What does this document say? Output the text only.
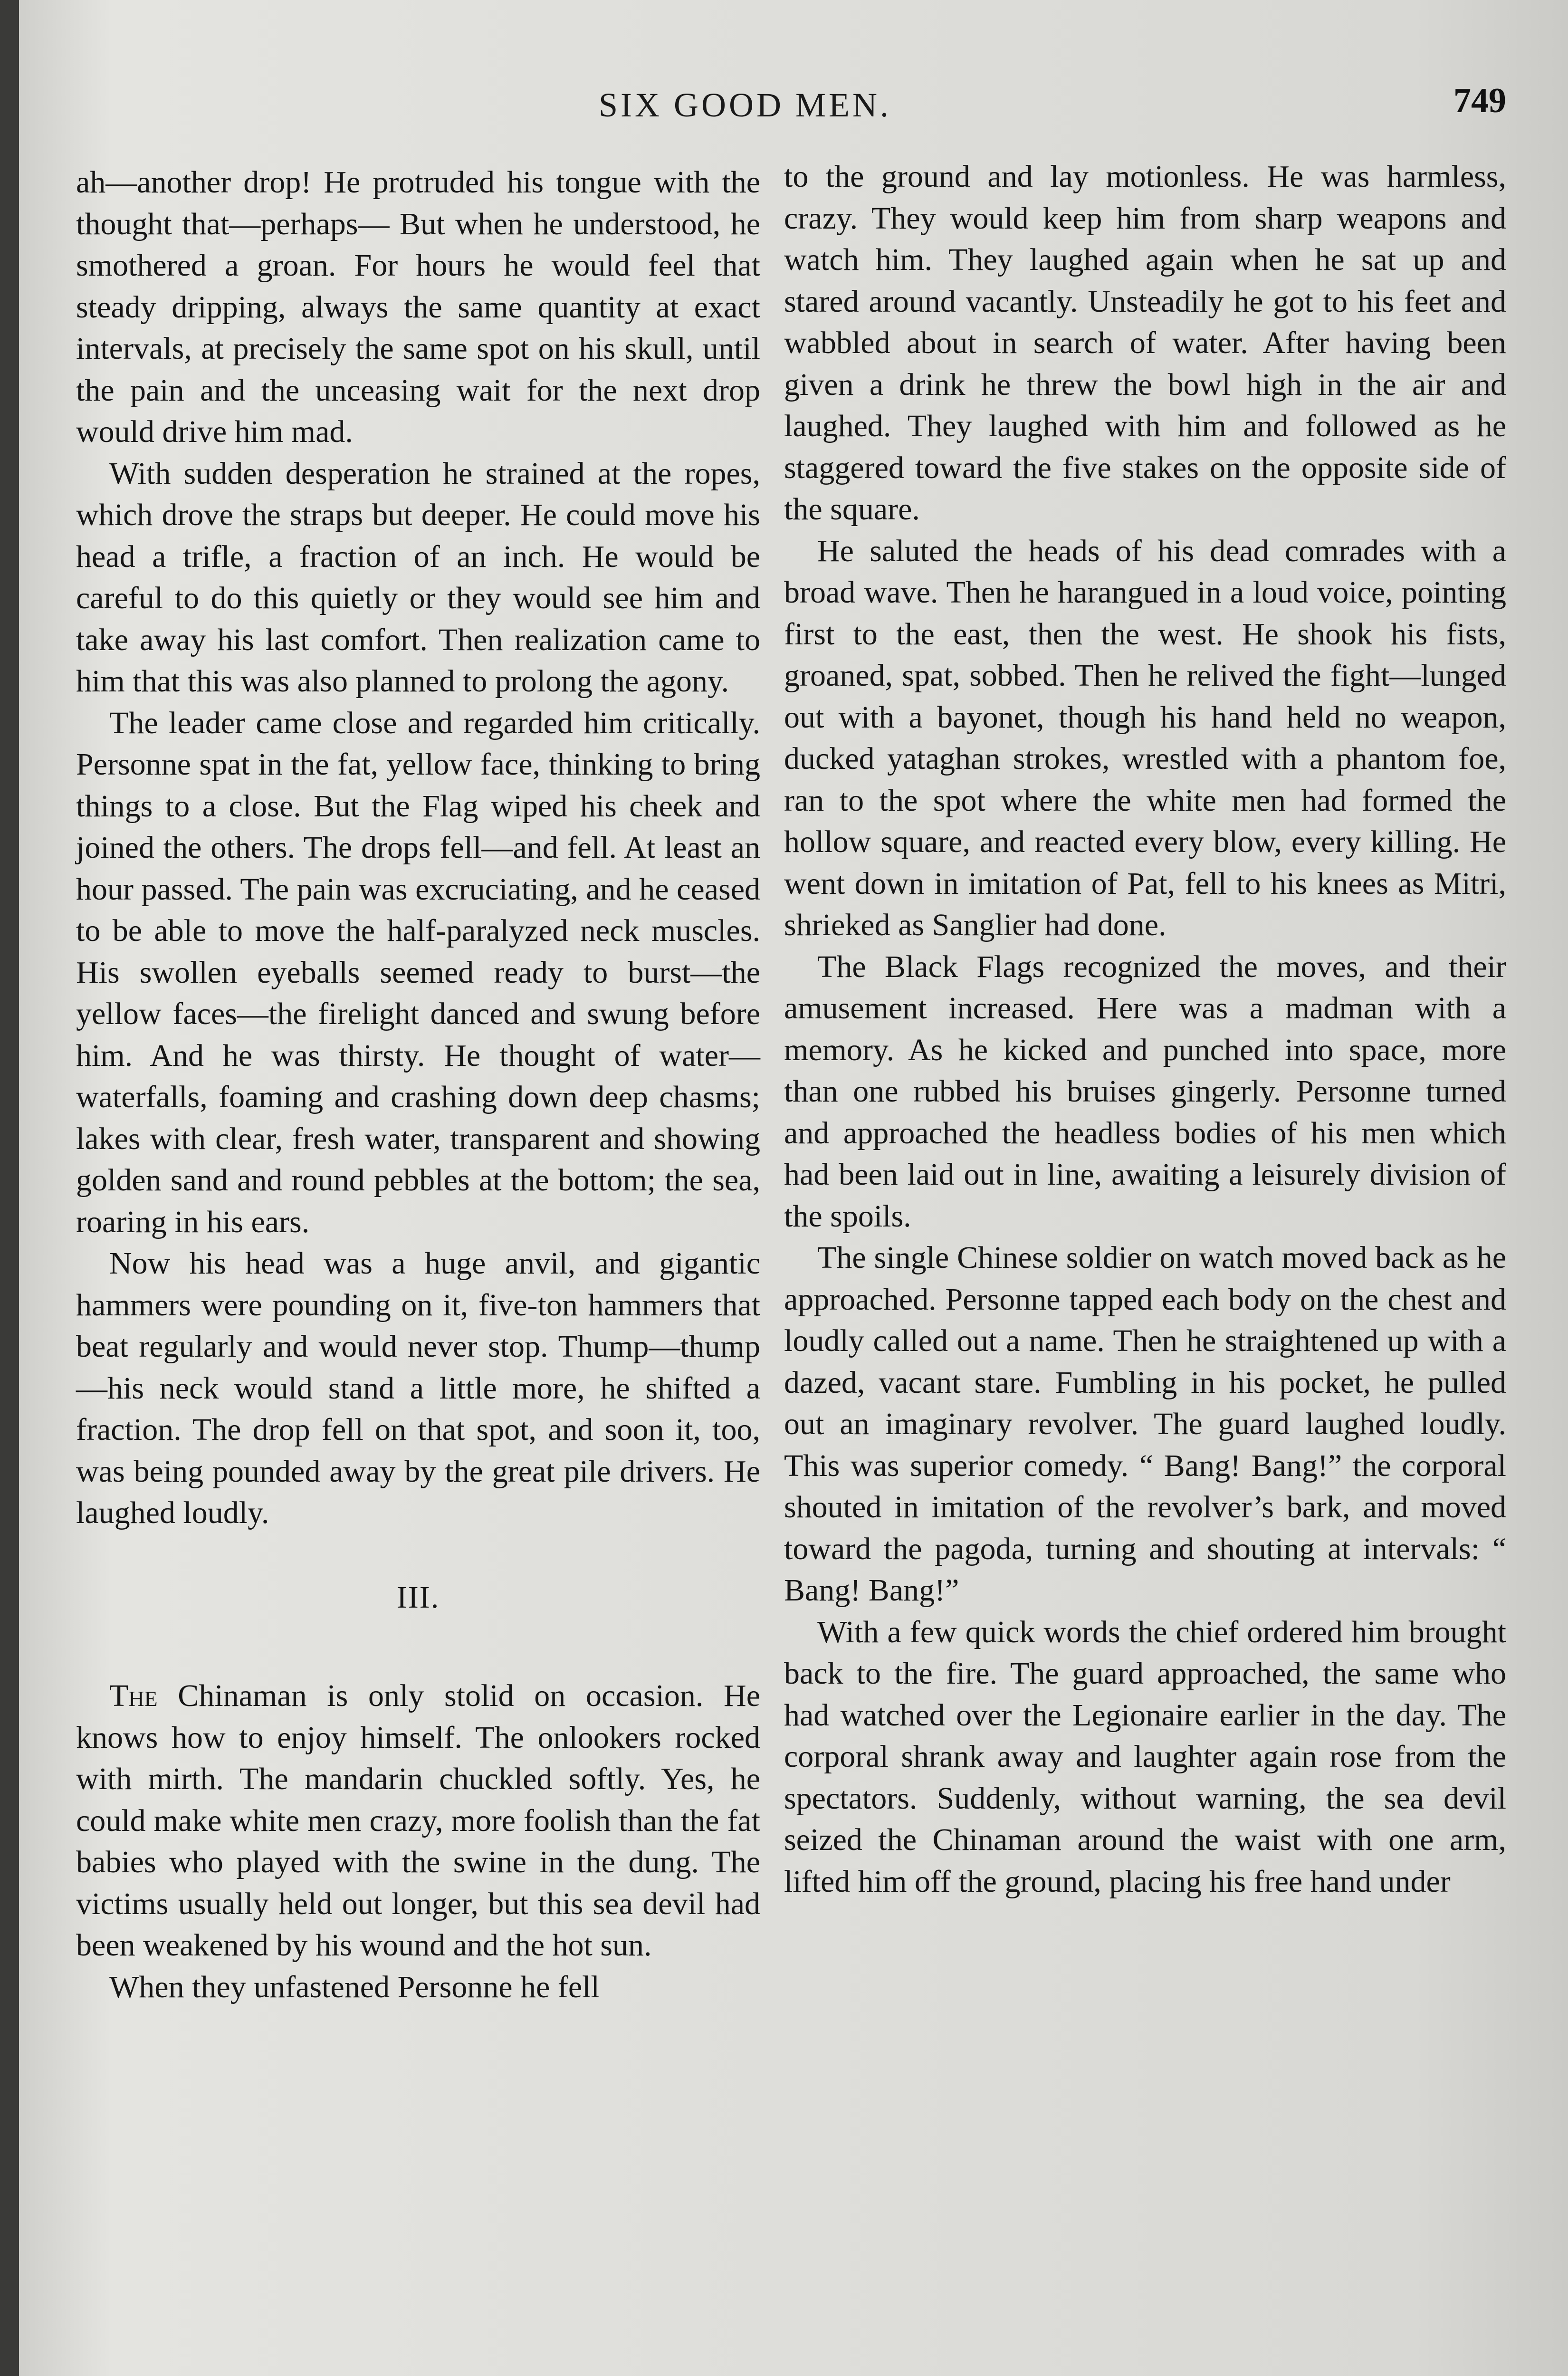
SIX GOOD MEN.	749

ah—another drop! He protruded his tongue with the thought that—perhaps— But when he understood, he smothered a groan. For hours he would feel that steady dripping, always the same quantity at exact intervals, at precisely the same spot on his skull, until the pain and the unceasing wait for the next drop would drive him mad.

With sudden desperation he strained at the ropes, which drove the straps but deeper. He could move his head a trifle, a fraction of an inch. He would be careful to do this quietly or they would see him and take away his last comfort. Then realization came to him that this was also planned to prolong the agony.

The leader came close and regarded him critically. Personne spat in the fat, yellow face, thinking to bring things to a close. But the Flag wiped his cheek and joined the others. The drops fell—and fell. At least an hour passed. The pain was excruciating, and he ceased to be able to move the half-paralyzed neck muscles. His swollen eyeballs seemed ready to burst—the yellow faces—the firelight danced and swung before him. And he was thirsty. He thought of water—waterfalls, foaming and crashing down deep chasms; lakes with clear, fresh water, transparent and showing golden sand and round pebbles at the bottom; the sea, roaring in his ears.

Now his head was a huge anvil, and gigantic hammers were pounding on it, five-ton hammers that beat regularly and would never stop. Thump—thump—his neck would stand a little more, he shifted a fraction. The drop fell on that spot, and soon it, too, was being pounded away by the great pile drivers. He laughed loudly.

III.

The Chinaman is only stolid on occasion. He knows how to enjoy himself. The onlookers rocked with mirth. The mandarin chuckled softly. Yes, he could make white men crazy, more foolish than the fat babies who played with the swine in the dung. The victims usually held out longer, but this sea devil had been weakened by his wound and the hot sun.

When they unfastened Personne he fell

to the ground and lay motionless. He was harmless, crazy. They would keep him from sharp weapons and watch him. They laughed again when he sat up and stared around vacantly. Unsteadily he got to his feet and wabbled about in search of water. After having been given a drink he threw the bowl high in the air and laughed. They laughed with him and followed as he staggered toward the five stakes on the opposite side of the square.

He saluted the heads of his dead comrades with a broad wave. Then he harangued in a loud voice, pointing first to the east, then the west. He shook his fists, groaned, spat, sobbed. Then he relived the fight—lunged out with a bayonet, though his hand held no weapon, ducked yataghan strokes, wrestled with a phantom foe, ran to the spot where the white men had formed the hollow square, and reacted every blow, every killing. He went down in imitation of Pat, fell to his knees as Mitri, shrieked as Sanglier had done.

The Black Flags recognized the moves, and their amusement increased. Here was a madman with a memory. As he kicked and punched into space, more than one rubbed his bruises gingerly. Personne turned and approached the headless bodies of his men which had been laid out in line, awaiting a leisurely division of the spoils.

The single Chinese soldier on watch moved back as he approached. Personne tapped each body on the chest and loudly called out a name. Then he straightened up with a dazed, vacant stare. Fumbling in his pocket, he pulled out an imaginary revolver. The guard laughed loudly. This was superior comedy. “ Bang! Bang!” the corporal shouted in imitation of the revolver’s bark, and moved toward the pagoda, turning and shouting at intervals: “ Bang! Bang!”

With a few quick words the chief ordered him brought back to the fire. The guard approached, the same who had watched over the Legionaire earlier in the day. The corporal shrank away and laughter again rose from the spectators. Suddenly, without warning, the sea devil seized the Chinaman around the waist with one arm, lifted him off the ground, placing his free hand under
